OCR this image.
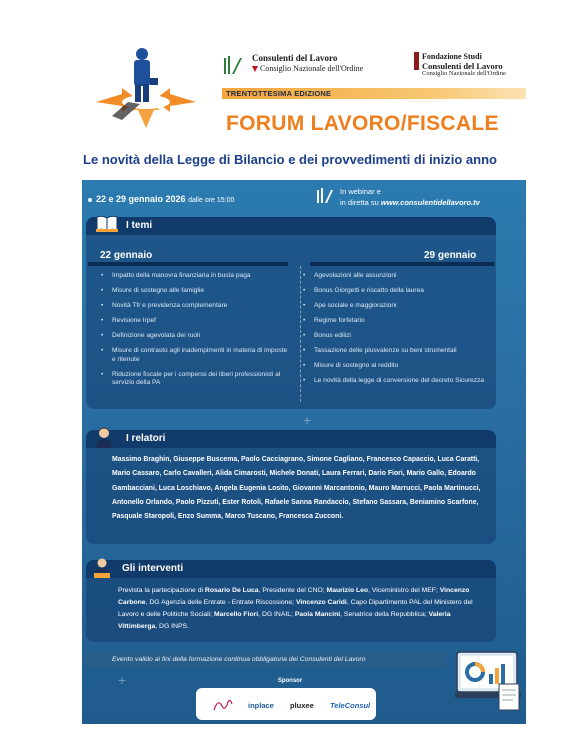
Consulenti del Lavoro
Consiglio Nazionale dell'Ordine
Fondazione Studi
Consulenti del Lavoro
Consiglio Nazionale dell'Ordine
TRENTOTTESIMA EDIZIONE
FORUM LAVORO/FISCALE
Le novità della Legge di Bilancio e dei provvedimenti di inizio anno
+
+
22 e 29 gennaio 2026 dalle ore 15:00
In webinar e
in diretta su www.consulentidellavoro.tv
I temi
22 gennaio	29 gennaio
• Impatto della manovra finanziaria in busta paga
• Misure di sostegno alle famiglie
• Novità Tfr e previdenza complementare
• Revisione Irpef
• Definizione agevolata dei ruoli
• Misure di contrasto agli inadempimenti in materia di imposte e ritenute
• Riduzione fiscale per i compensi dei liberi professionisti al servizio della PA
• Agevolazioni alle assunzioni
• Bonus Giorgetti e riscatto della laurea
• Ape sociale e maggiorazioni
• Regime forfetario
• Bonus edilizi
• Tassazione delle plusvalenze su beni strumentali
• Misure di sostegno al reddito
• Le novità della legge di conversione del decreto Sicurezza
I relatori
Massimo Braghin, Giuseppe Buscema, Paolo Cacciagrano, Simone Cagliano, Francesco Capaccio, Luca Caratti, Mario Cassaro, Carlo Cavalleri, Alida Cimarosti, Michele Donati, Laura Ferrari, Dario Fiori, Mario Gallo, Edoardo Gambacciani, Luca Loschiavo, Angela Eugenia Losito, Giovanni Marcantonio, Mauro Marrucci, Paola Martinucci, Antonello Orlando, Paolo Pizzuti, Ester Rotoli, Rafaele Sanna Randaccio, Stefano Sassara, Beniamino Scarfone, Pasquale Staropoli, Enzo Summa, Marco Tuscano, Francesca Zucconi.
Gli interventi
Prevista la partecipazione di Rosario De Luca, Presidente del CNO; Maurizio Leo, Viceministro del MEF; Vincenzo Carbone, DG Agenzia delle Entrate - Entrate Riscossione; Vincenzo Caridi, Capo Dipartimento PAL del Ministero del Lavoro e delle Politiche Sociali; Marcello Fiori, DG INAIL; Paola Mancini, Senatrice della Repubblica; Valeria Vittimberga, DG INPS.
Evento valido ai fini della formazione continua obbligatoria dei Consulenti del Lavoro
Sponsor
inplace pluxee TeleConsul
